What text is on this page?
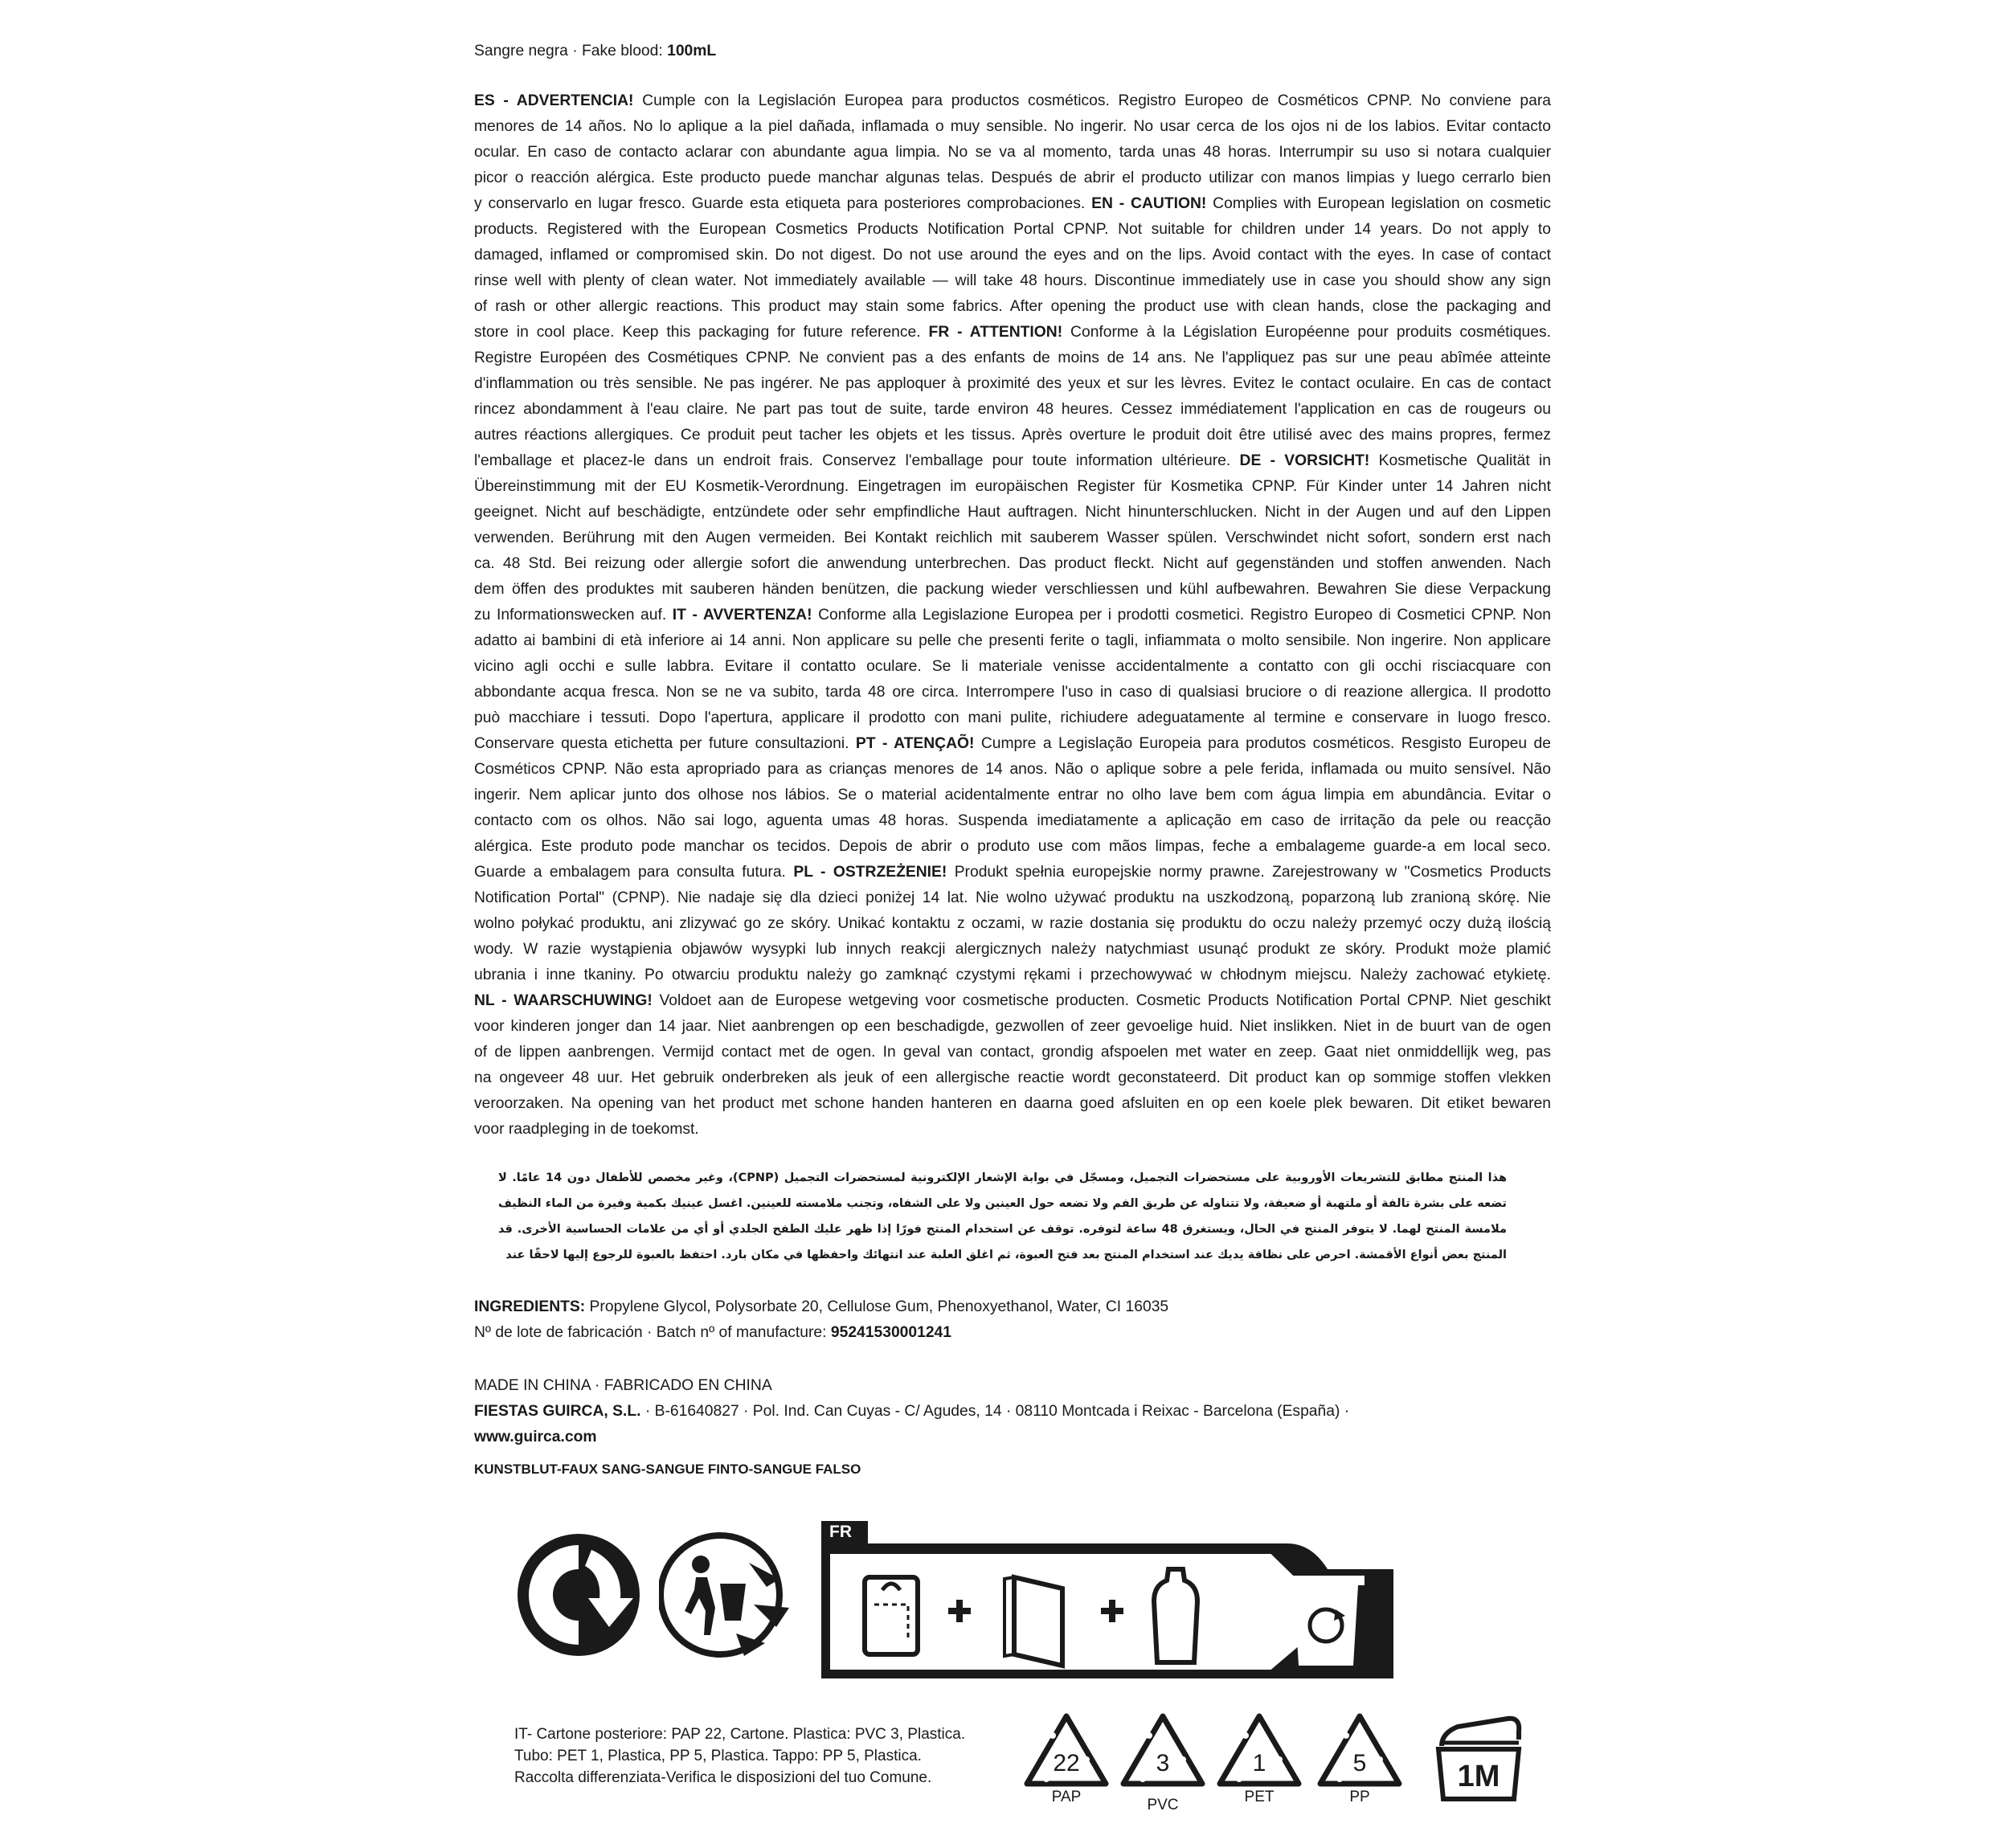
Sangre negra · Fake blood: 100mL
ES - ADVERTENCIA! Cumple con la Legislación Europea para productos cosméticos. Registro Europeo de Cosméticos CPNP. No conviene para
menores de 14 años. No lo aplique a la piel dañada, inflamada o muy sensible. No ingerir. No usar cerca de los ojos ni de los labios. Evitar contacto
ocular. En caso de contacto aclarar con abundante agua limpia. No se va al momento, tarda unas 48 horas. Interrumpir su uso si notara cualquier
picor o reacción alérgica. Este producto puede manchar algunas telas. Después de abrir el producto utilizar con manos limpias y luego cerrarlo bien
y conservarlo en lugar fresco. Guarde esta etiqueta para posteriores comprobaciones. EN - CAUTION! Complies with European legislation on cosmetic
products. Registered with the European Cosmetics Products Notification Portal CPNP. Not suitable for children under 14 years. Do not apply to
damaged, inflamed or compromised skin. Do not digest. Do not use around the eyes and on the lips. Avoid contact with the eyes. In case of contact
rinse well with plenty of clean water. Not immediately available — will take 48 hours. Discontinue immediately use in case you should show any sign
of rash or other allergic reactions. This product may stain some fabrics. After opening the product use with clean hands, close the packaging and
store in cool place. Keep this packaging for future reference. FR - ATTENTION! Conforme à la Législation Européenne pour produits cosmétiques.
Registre Européen des Cosmétiques CPNP. Ne convient pas a des enfants de moins de 14 ans. Ne l'appliquez pas sur une peau abîmée atteinte
d'inflammation ou très sensible. Ne pas ingérer. Ne pas apploquer à proximité des yeux et sur les lèvres. Evitez le contact oculaire. En cas de contact
rincez abondamment à l'eau claire. Ne part pas tout de suite, tarde environ 48 heures. Cessez immédiatement l'application en cas de rougeurs ou
autres réactions allergiques. Ce produit peut tacher les objets et les tissus. Après overture le produit doit être utilisé avec des mains propres, fermez
l'emballage et placez-le dans un endroit frais. Conservez l'emballage pour toute information ultérieure. DE - VORSICHT! Kosmetische Qualität in
Übereinstimmung mit der EU Kosmetik-Verordnung. Eingetragen im europäischen Register für Kosmetika CPNP. Für Kinder unter 14 Jahren nicht
geeignet. Nicht auf beschädigte, entzündete oder sehr empfindliche Haut auftragen. Nicht hinunterschlucken. Nicht in der Augen und auf den Lippen
verwenden. Berührung mit den Augen vermeiden. Bei Kontakt reichlich mit sauberem Wasser spülen. Verschwindet nicht sofort, sondern erst nach
ca. 48 Std. Bei reizung oder allergie sofort die anwendung unterbrechen. Das product fleckt. Nicht auf gegenständen und stoffen anwenden. Nach
dem öffen des produktes mit sauberen händen benützen, die packung wieder verschliessen und kühl aufbewahren. Bewahren Sie diese Verpackung
zu Informationswecken auf. IT - AVVERTENZA! Conforme alla Legislazione Europea per i prodotti cosmetici. Registro Europeo di Cosmetici CPNP. Non
adatto ai bambini di età inferiore ai 14 anni. Non applicare su pelle che presenti ferite o tagli, infiammata o molto sensibile. Non ingerire. Non applicare
vicino agli occhi e sulle labbra. Evitare il contatto oculare. Se li materiale venisse accidentalmente a contatto con gli occhi risciacquare con
abbondante acqua fresca. Non se ne va subito, tarda 48 ore circa. Interrompere l'uso in caso di qualsiasi bruciore o di reazione allergica. Il prodotto
può macchiare i tessuti. Dopo l'apertura, applicare il prodotto con mani pulite, richiudere adeguatamente al termine e conservare in luogo fresco.
Conservare questa etichetta per future consultazioni. PT - ATENÇAÕ! Cumpre a Legislação Europeia para produtos cosméticos. Resgisto Europeu de
Cosméticos CPNP. Não esta apropriado para as crianças menores de 14 anos. Não o aplique sobre a pele ferida, inflamada ou muito sensível. Não
ingerir. Nem aplicar junto dos olhose nos lábios. Se o material acidentalmente entrar no olho lave bem com água limpia em abundância. Evitar o
contacto com os olhos. Não sai logo, aguenta umas 48 horas. Suspenda imediatamente a aplicação em caso de irritação da pele ou reacção
alérgica. Este produto pode manchar os tecidos. Depois de abrir o produto use com mãos limpas, feche a embalageme guarde-a em local seco.
Guarde a embalagem para consulta futura. PL - OSTRZEŻENIE! Produkt spełnia europejskie normy prawne. Zarejestrowany w "Cosmetics Products
Notification Portal" (CPNP). Nie nadaje się dla dzieci poniżej 14 lat. Nie wolno używać produktu na uszkodzoną, poparzoną lub zranioną skórę. Nie
wolno połykać produktu, ani zlizywać go ze skóry. Unikać kontaktu z oczami, w razie dostania się produktu do oczu należy przemyć oczy dużą ilością
wody. W razie wystąpienia objawów wysypki lub innych reakcji alergicznych należy natychmiast usunąć produkt ze skóry. Produkt może plamić
ubrania i inne tkaniny. Po otwarciu produktu należy go zamknąć czystymi rękami i przechowywać w chłodnym miejscu. Należy zachować etykietę.
NL - WAARSCHUWING! Voldoet aan de Europese wetgeving voor cosmetische producten. Cosmetic Products Notification Portal CPNP. Niet geschikt
voor kinderen jonger dan 14 jaar. Niet aanbrengen op een beschadigde, gezwollen of zeer gevoelige huid. Niet inslikken. Niet in de buurt van de ogen
of de lippen aanbrengen. Vermijd contact met de ogen. In geval van contact, grondig afspoelen met water en zeep. Gaat niet onmiddellijk weg, pas
na ongeveer 48 uur. Het gebruik onderbreken als jeuk of een allergische reactie wordt geconstateerd. Dit product kan op sommige stoffen vlekken
veroorzaken. Na opening van het product met schone handen hanteren en daarna goed afsluiten en op een koele plek bewaren. Dit etiket bewaren
voor raadpleging in de toekomst.
هذا المنتج مطابق للتشريعات الأوروبية على مستحضرات التجميل، ومسجّل في بوابة الإشعار الإلكترونية لمستحضرات التجميل (CPNP)، وغير مخصص للأطفال دون 14 عامًا. لا
تضعه على بشرة تالفة أو ملتهبة أو ضعيفة، ولا تتناوله عن طريق الفم ولا تضعه حول العينين ولا على الشفاه، وتجنب ملامسته للعينين. اغسل عينيك بكمية وفيرة من الماء النظيف
ملامسة المنتج لهما. لا يتوفر المنتج في الحال، ويستغرق 48 ساعة لتوفره. توقف عن استخدام المنتج فورًا إذا ظهر عليك الطفح الجلدي أو أي من علامات الحساسية الأخرى. قد
المنتج بعض أنواع الأقمشة. احرص على نظافة يديك عند استخدام المنتج بعد فتح العبوة، ثم اغلق العلبة عند انتهائك واحفظها في مكان بارد. احتفظ بالعبوة للرجوع إليها لاحقًا عند
INGREDIENTS: Propylene Glycol, Polysorbate 20, Cellulose Gum, Phenoxyethanol, Water, CI 16035
Nº de lote de fabricación · Batch nº of manufacture: 95241530001241
MADE IN CHINA · FABRICADO EN CHINA
FIESTAS GUIRCA, S.L. · B-61640827 · Pol. Ind. Can Cuyas - C/ Agudes, 14 · 08110 Montcada i Reixac - Barcelona (España) ·
www.guirca.com
KUNSTBLUT-FAUX SANG-SANGUE FINTO-SANGUE FALSO
FR
IT- Cartone posteriore: PAP 22, Cartone. Plastica: PVC 3, Plastica.
Tubo: PET 1, Plastica, PP 5, Plastica. Tappo: PP 5, Plastica.
Raccolta differenziata-Verifica le disposizioni del tuo Comune.
22
PAP
3
PVC
1
PET
5
PP
1M
